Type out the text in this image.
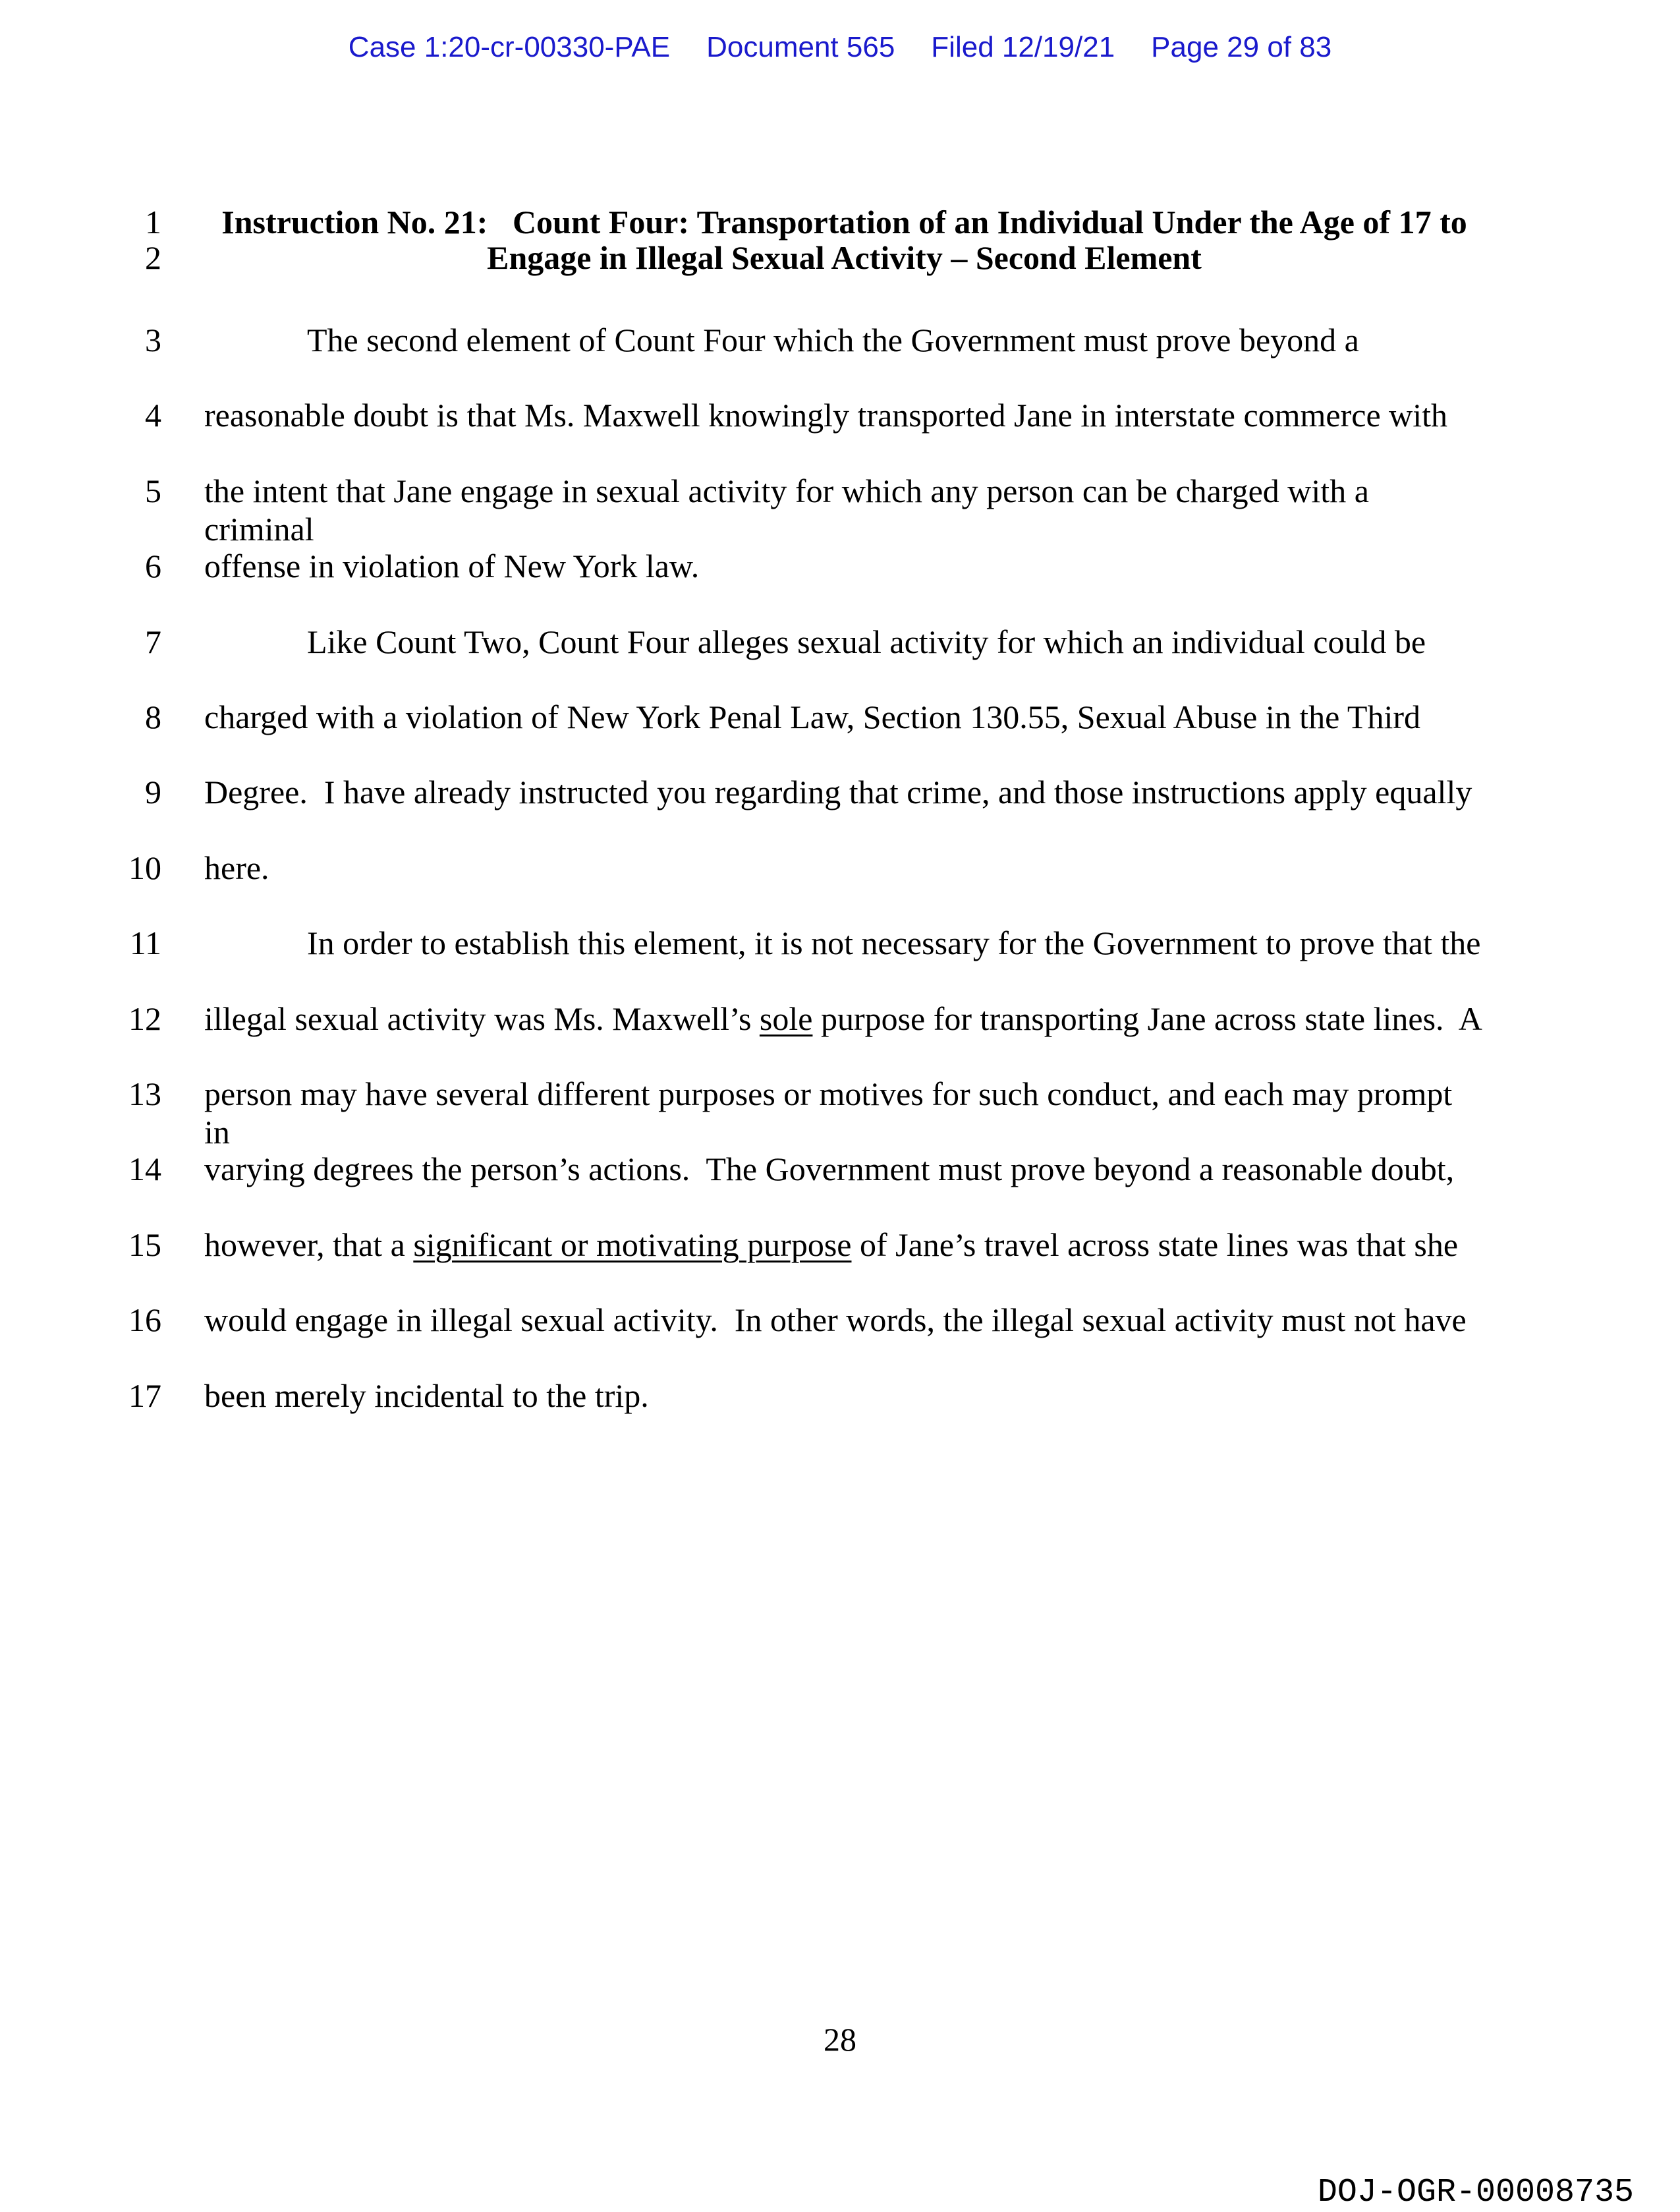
Case 1:20-cr-00330-PAE Document 565 Filed 12/19/21 Page 29 of 83
1	Instruction No. 21:   Count Four: Transportation of an Individual Under the Age of 17 to
2	Engage in Illegal Sexual Activity – Second Element
3	The second element of Count Four which the Government must prove beyond a
4 reasonable doubt is that Ms. Maxwell knowingly transported Jane in interstate commerce with
5 the intent that Jane engage in sexual activity for which any person can be charged with a criminal
6 offense in violation of New York law.
7	Like Count Two, Count Four alleges sexual activity for which an individual could be
8 charged with a violation of New York Penal Law, Section 130.55, Sexual Abuse in the Third
9 Degree.  I have already instructed you regarding that crime, and those instructions apply equally
10 here.
11	In order to establish this element, it is not necessary for the Government to prove that the
12 illegal sexual activity was Ms. Maxwell’s sole purpose for transporting Jane across state lines.  A
13 person may have several different purposes or motives for such conduct, and each may prompt in
14 varying degrees the person’s actions.  The Government must prove beyond a reasonable doubt,
15 however, that a significant or motivating purpose of Jane’s travel across state lines was that she
16 would engage in illegal sexual activity.  In other words, the illegal sexual activity must not have
17 been merely incidental to the trip.
28
DOJ-OGR-00008735
